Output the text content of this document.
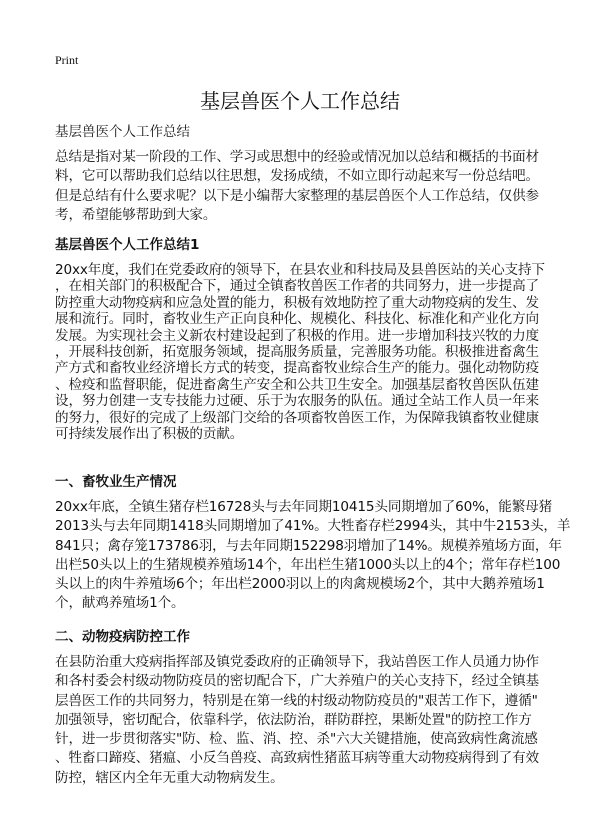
Print
基层兽医个人工作总结
基层兽医个人工作总结
总结是指对某一阶段的工作、学习或思想中的经验或情况加以总结和概括的书面材
料，它可以帮助我们总结以往思想，发扬成绩，不如立即行动起来写一份总结吧。
但是总结有什么要求呢？以下是小编帮大家整理的基层兽医个人工作总结，仅供参
考，希望能够帮助到大家。
基层兽医个人工作总结1
20xx年度，我们在党委政府的领导下，在县农业和科技局及县兽医站的关心支持下
，在相关部门的积极配合下，通过全镇畜牧兽医工作者的共同努力，进一步提高了
防控重大动物疫病和应急处置的能力，积极有效地防控了重大动物疫病的发生、发
展和流行。同时，畜牧业生产正向良种化、规模化、科技化、标准化和产业化方向
发展。为实现社会主义新农村建设起到了积极的作用。进一步增加科技兴牧的力度
，开展科技创新，拓宽服务领域，提高服务质量，完善服务功能。积极推进畜禽生
产方式和畜牧业经济增长方式的转变，提高畜牧业综合生产的能力。强化动物防疫
、检疫和监督职能，促进畜禽生产安全和公共卫生安全。加强基层畜牧兽医队伍建
设，努力创建一支专技能力过硬、乐于为农服务的队伍。通过全站工作人员一年来
的努力，很好的完成了上级部门交给的各项畜牧兽医工作，为保障我镇畜牧业健康
可持续发展作出了积极的贡献。
一、畜牧业生产情况
20xx年底，全镇生猪存栏16728头与去年同期10415头同期增加了60%，能繁母猪
2013头与去年同期1418头同期增加了41%。大牲畜存栏2994头，其中牛2153头，羊
841只；禽存笼173786羽，与去年同期152298羽增加了14%。规模养殖场方面，年
出栏50头以上的生猪规模养殖场14个，年出栏生猪1000头以上的4个；常年存栏100
头以上的肉牛养殖场6个；年出栏2000羽以上的肉禽规模场2个，其中大鹅养殖场1
个，献鸡养殖场1个。
二、动物疫病防控工作
在县防治重大疫病指挥部及镇党委政府的正确领导下，我站兽医工作人员通力协作
和各村委会村级动物防疫员的密切配合下，广大养殖户的关心支持下，经过全镇基
层兽医工作的共同努力，特别是在第一线的村级动物防疫员的"艰苦工作下，遵循"
加强领导，密切配合，依靠科学，依法防治，群防群控，果断处置"的防控工作方
针，进一步贯彻落实"防、检、监、消、控、杀"六大关键措施，使高致病性禽流感
、牲畜口蹄疫、猪瘟、小反刍兽疫、高致病性猪蓝耳病等重大动物疫病得到了有效
防控，辖区内全年无重大动物病发生。
